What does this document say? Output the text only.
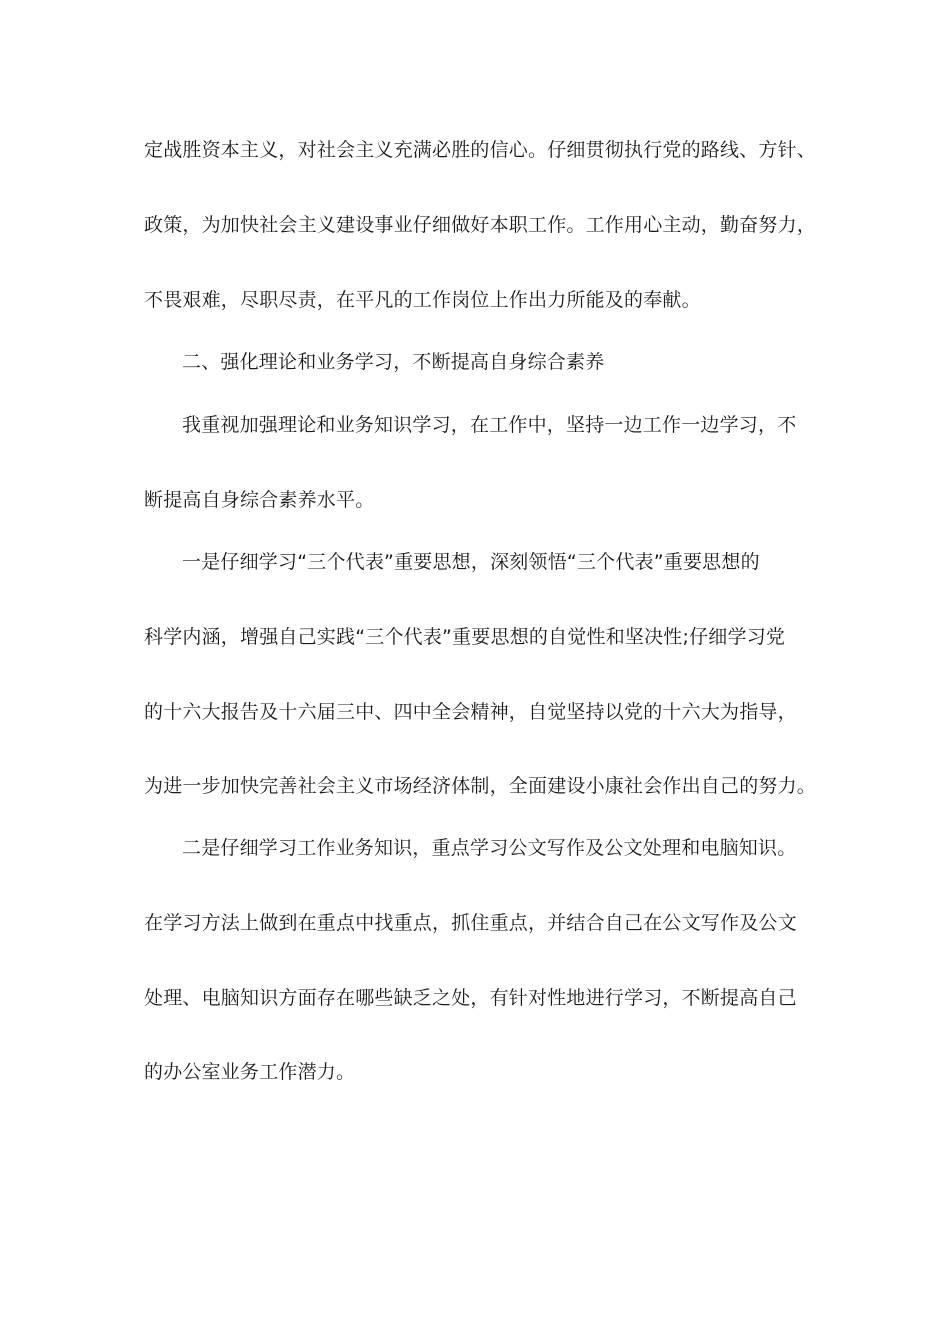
定战胜资本主义，对社会主义充满必胜的信心。仔细贯彻执行党的路线、方针、
政策，为加快社会主义建设事业仔细做好本职工作。工作用心主动，勤奋努力，
不畏艰难，尽职尽责，在平凡的工作岗位上作出力所能及的奉献。
二、强化理论和业务学习，不断提高自身综合素养
我重视加强理论和业务知识学习，在工作中，坚持一边工作一边学习，不
断提高自身综合素养水平。
一是仔细学习“三个代表”重要思想，深刻领悟“三个代表”重要思想的
科学内涵，增强自己实践“三个代表”重要思想的自觉性和坚决性;仔细学习党
的十六大报告及十六届三中、四中全会精神，自觉坚持以党的十六大为指导，
为进一步加快完善社会主义市场经济体制，全面建设小康社会作出自己的努力。
二是仔细学习工作业务知识，重点学习公文写作及公文处理和电脑知识。
在学习方法上做到在重点中找重点，抓住重点，并结合自己在公文写作及公文
处理、电脑知识方面存在哪些缺乏之处，有针对性地进行学习，不断提高自己
的办公室业务工作潜力。
